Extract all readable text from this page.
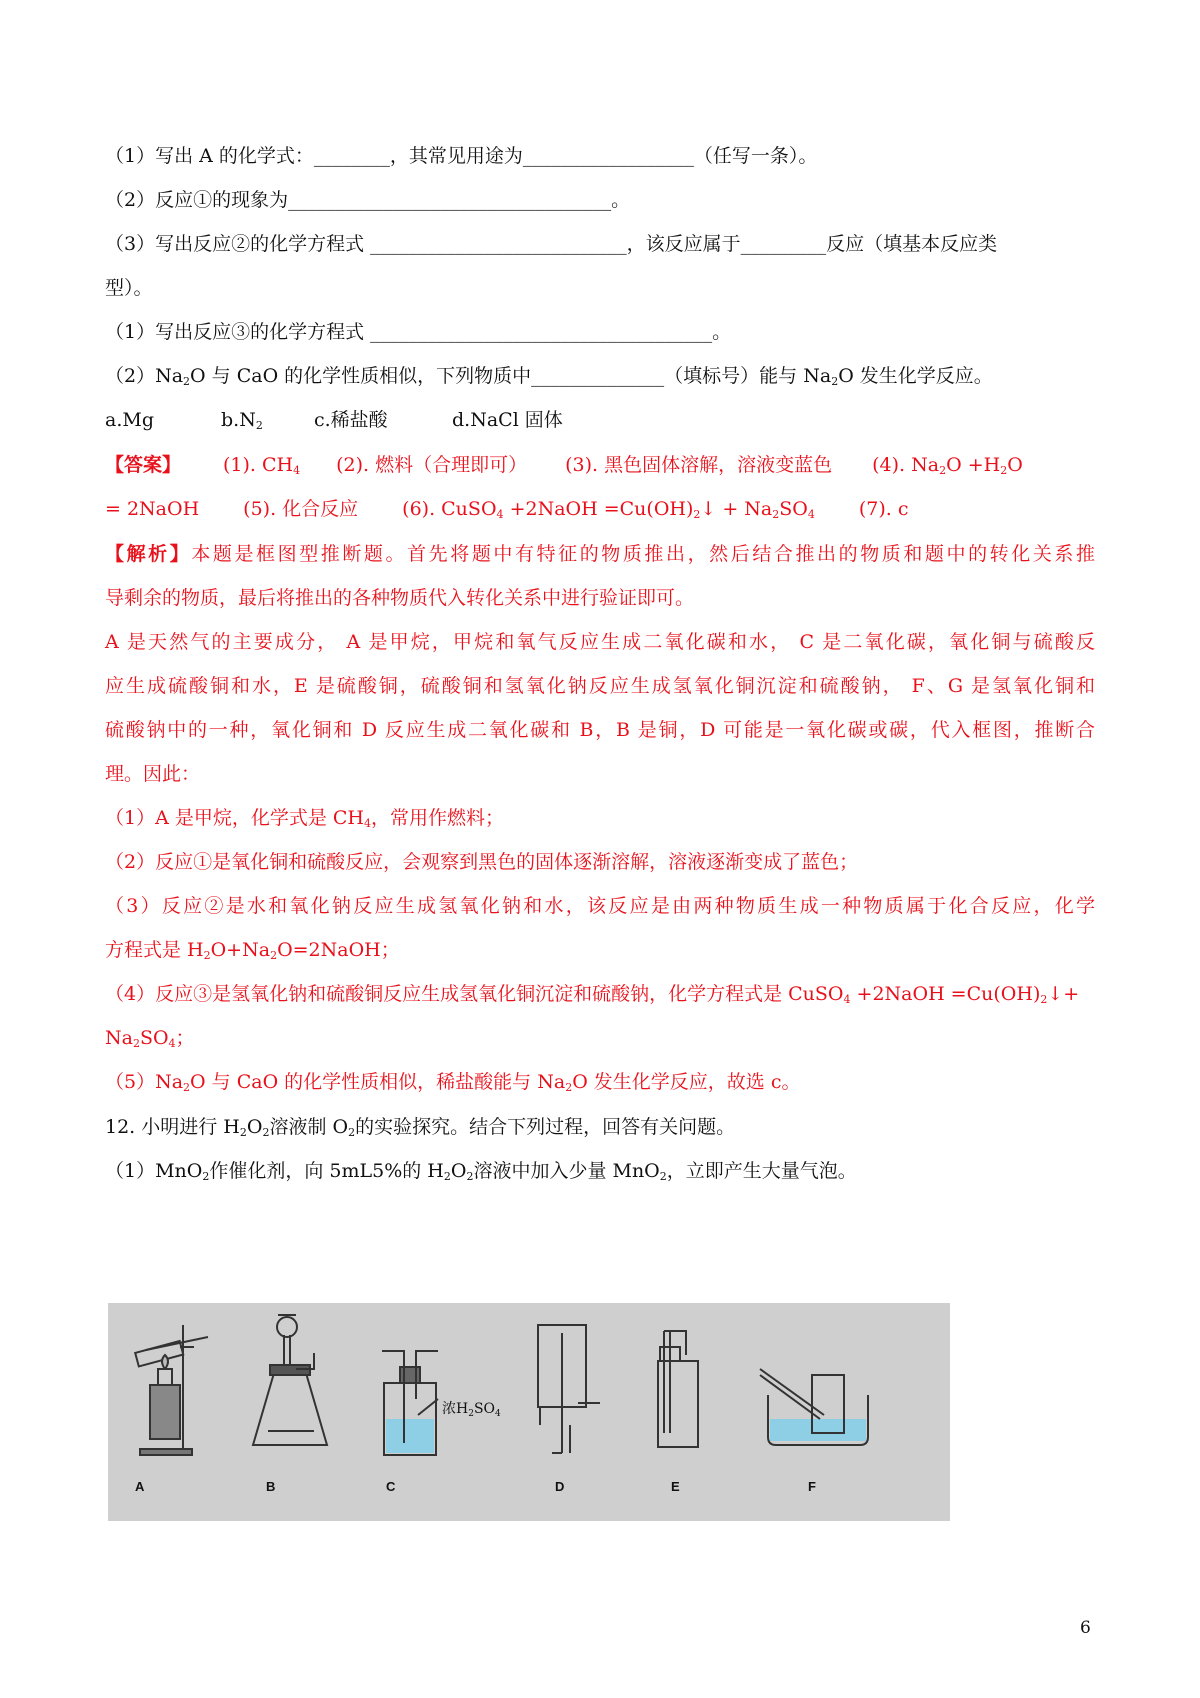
（1）写出 A 的化学式：________，其常见用途为__________________（任写一条）。
（2）反应①的现象为__________________________________。
（3）写出反应②的化学方程式 ___________________________，该反应属于_________反应（填基本反应类
型）。
（1）写出反应③的化学方程式 ____________________________________。
$(2)Na_2O$ 与 CaO 的化学性质相似，下列物质中______________（填标号）能与 $Na_2O$ 发生化学反应。
a.Mg	$b.N_2$	c.稀盐酸	d.NaCl 固体
【答案】 (1). $CH_4$ (2). 燃料（合理即可） (3). 黑色固体溶解，溶液变蓝色 (4). $Na_2O +H_2O$
= 2NaOH (5). 化合反应 (6). CuSO$_4$ +2NaOH $=Cu(OH)_2↓ + Na_2SO_4$ (7). c
【解析】本题是框图型推断题。首先将题中有特征的物质推出，然后结合推出的物质和题中的转化关系推
导剩余的物质，最后将推出的各种物质代入转化关系中进行验证即可。
A 是天然气的主要成分， A 是甲烷，甲烷和氧气反应生成二氧化碳和水， C 是二氧化碳，氧化铜与硫酸反
应生成硫酸铜和水，E 是硫酸铜，硫酸铜和氢氧化钠反应生成氢氧化铜沉淀和硫酸钠， F、G 是氢氧化铜和
硫酸钠中的一种，氧化铜和 D 反应生成二氧化碳和 B，B 是铜，D 可能是一氧化碳或碳，代入框图，推断合
理。因此：
（1）A 是甲烷，化学式是 $CH_4$，常用作燃料；
（2）反应①是氧化铜和硫酸反应，会观察到黑色的固体逐渐溶解，溶液逐渐变成了蓝色；
（3）反应②是水和氧化钠反应生成氢氧化钠和水，该反应是由两种物质生成一种物质属于化合反应，化学
方程式是 $H_2O+Na_2O=2NaOH$；
（4）反应③是氢氧化钠和硫酸铜反应生成氢氧化铜沉淀和硫酸钠，化学方程式是 CuSO$_4$ +2NaOH $=Cu(OH)_2↓+$
$Na_2SO_4$；
$(5)Na_2O$ 与 CaO 的化学性质相似，稀盐酸能与 $Na_2O$ 发生化学反应，故选 c。
12. 小明进行 $H_2O_2$溶液制 $O_2$的实验探究。结合下列过程，回答有关问题。
（1）MnO$_2$作催化剂，向 5mL5%的 $H_2O_2$溶液中加入少量 MnO$_2$，立即产生大量气泡。
A	B	C	D	E	F
浓$H_2SO_4$
6
